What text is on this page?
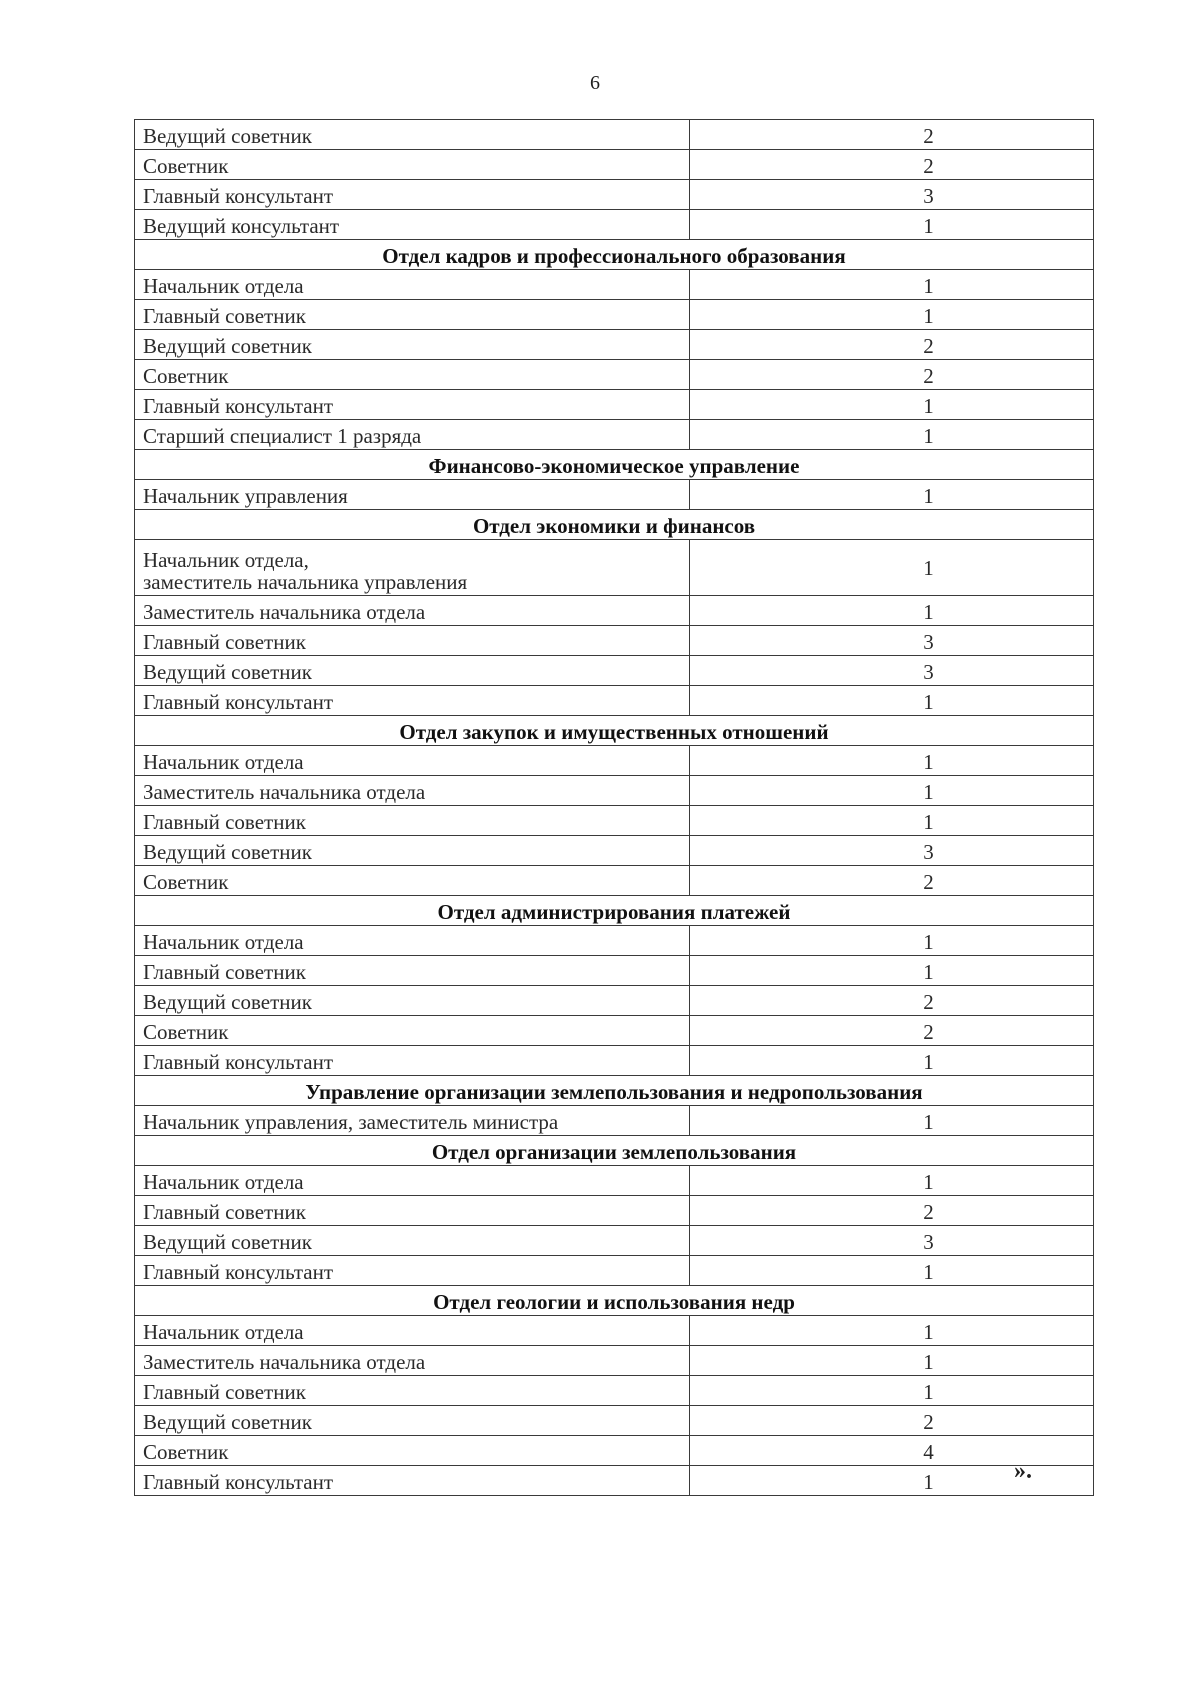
6
Ведущий советник	2

Советник	2

Главный консультант	3

Ведущий консультант	1
Отдел кадров и профессионального образования	

Начальник отдела	1

Главный советник	1

Ведущий советник	2

Советник	2

Главный консультант	1

Старший специалист 1 разряда	1
Финансово-экономическое управление	

Начальник управления	1
Отдел экономики и финансов	

Начальник отдела,
заместитель начальника управления	1

Заместитель начальника отдела	1

Главный советник	3

Ведущий советник	3

Главный консультант	1
Отдел закупок и имущественных отношений	

Начальник отдела	1

Заместитель начальника отдела	1

Главный советник	1

Ведущий советник	3

Советник	2
Отдел администрирования платежей	

Начальник отдела	1

Главный советник	1

Ведущий советник	2

Советник	2

Главный консультант	1
Управление организации землепользования и недропользования	

Начальник управления, заместитель министра	1
Отдел организации землепользования	

Начальник отдела	1

Главный советник	2

Ведущий советник	3

Главный консультант	1
Отдел геологии и использования недр	

Начальник отдела	1

Заместитель начальника отдела	1

Главный советник	1

Ведущий советник	2

Советник	4

Главный консультант	1	».
